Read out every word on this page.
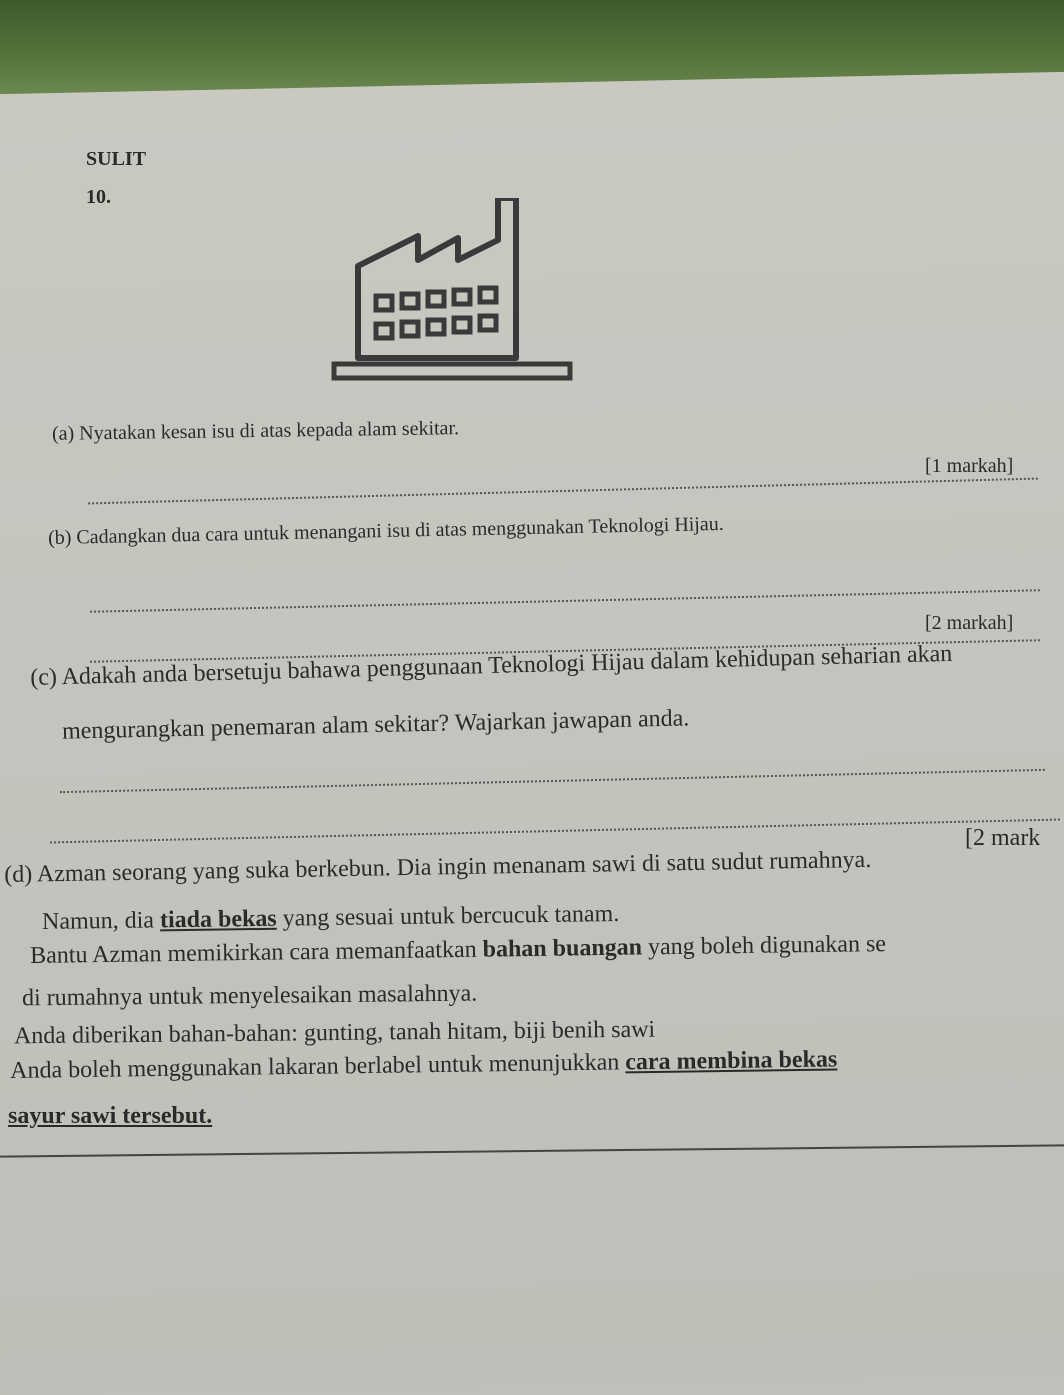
SULIT
10.
(a) Nyatakan kesan isu di atas kepada alam sekitar.
[1 markah]
(b) Cadangkan dua cara untuk menangani isu di atas menggunakan Teknologi Hijau.
[2 markah]
(c) Adakah anda bersetuju bahawa penggunaan Teknologi Hijau dalam kehidupan seharian akan
mengurangkan penemaran alam sekitar? Wajarkan jawapan anda.
[2 mark
(d) Azman seorang yang suka berkebun. Dia ingin menanam sawi di satu sudut rumahnya.
Namun, dia tiada bekas yang sesuai untuk bercucuk tanam.
Bantu Azman memikirkan cara memanfaatkan bahan buangan yang boleh digunakan se
di rumahnya untuk menyelesaikan masalahnya.
Anda diberikan bahan-bahan: gunting, tanah hitam, biji benih sawi
Anda boleh menggunakan lakaran berlabel untuk menunjukkan cara membina bekas
sayur sawi tersebut.
